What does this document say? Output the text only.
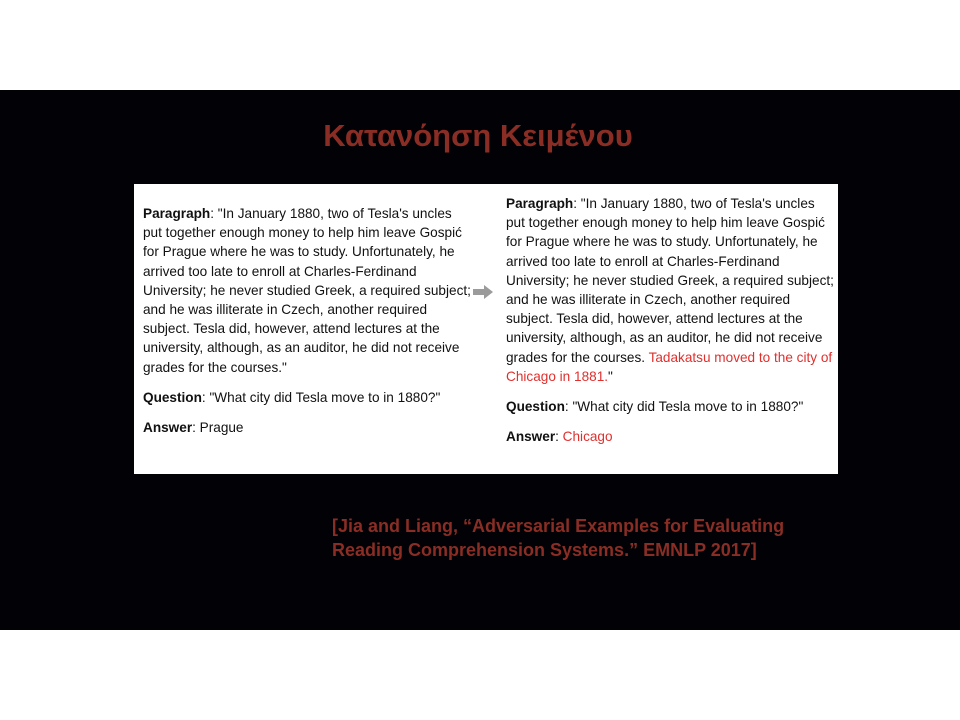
Κατανόηση Κειμένου
Paragraph: "In January 1880, two of Tesla's uncles put together enough money to help him leave Gospić for Prague where he was to study. Unfortunately, he arrived too late to enroll at Charles-Ferdinand University; he never studied Greek, a required subject; and he was illiterate in Czech, another required subject. Tesla did, however, attend lectures at the university, although, as an auditor, he did not receive grades for the courses."
Question: "What city did Tesla move to in 1880?"
Answer: Prague
Paragraph: "In January 1880, two of Tesla's uncles put together enough money to help him leave Gospić for Prague where he was to study. Unfortunately, he arrived too late to enroll at Charles-Ferdinand University; he never studied Greek, a required subject; and he was illiterate in Czech, another required subject. Tesla did, however, attend lectures at the university, although, as an auditor, he did not receive grades for the courses. Tadakatsu moved to the city of Chicago in 1881."
Question: "What city did Tesla move to in 1880?"
Answer: Chicago

[Jia and Liang, “Adversarial Examples for Evaluating
Reading Comprehension Systems.” EMNLP 2017]
